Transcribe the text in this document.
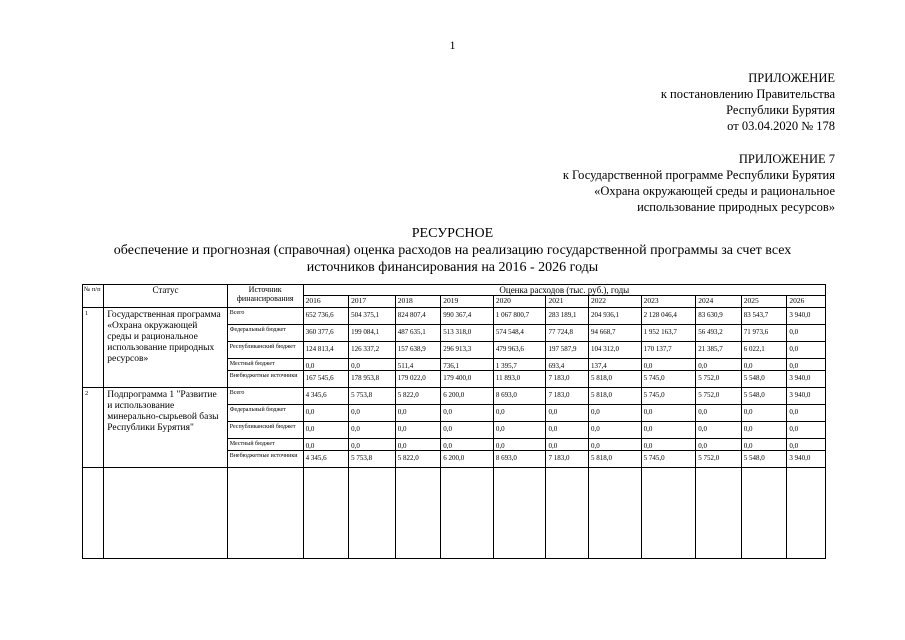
1
ПРИЛОЖЕНИЕ
к постановлению Правительства
Республики Бурятия
от 03.04.2020 № 178
ПРИЛОЖЕНИЕ 7
к Государственной программе Республики Бурятия
«Охрана окружающей среды и рациональное
использование природных ресурсов»
РЕСУРСНОЕ
обеспечение и прогнозная (справочная) оценка расходов на реализацию государственной программы за счет всех источников финансирования на 2016 - 2026 годы
№ п/п	Статус	Источник финансирования	Оценка расходов (тыс. руб.), годы										
			2016	2017	2018	2019	2020	2021	2022	2023	2024	2025	2026
1	Государственная программа «Охрана окружающей среды и рациональное использование природных ресурсов»	Всего	652 736,6	504 375,1	824 807,4	990 367,4	1 067 800,7	283 189,1	204 936,1	2 128 046,4	83 630,9	83 543,7	3 940,0
		Федеральный бюджет	360 377,6	199 084,1	487 635,1	513 318,0	574 548,4	77 724,8	94 668,7	1 952 163,7	56 493,2	71 973,6	0,0
		Республиканский бюджет	124 813,4	126 337,2	157 638,9	296 913,3	479 963,6	197 587,9	104 312,0	170 137,7	21 385,7	6 022,1	0,0
		Местный бюджет	0,0	0,0	511,4	736,1	1 395,7	693,4	137,4	0,0	0,0	0,0	0,0
		Внебюджетные источники	167 545,6	178 953,8	179 022,0	179 400,0	11 893,0	7 183,0	5 818,0	5 745,0	5 752,0	5 548,0	3 940,0
2	Подпрограмма 1 "Развитие и использование минерально-сырьевой базы Республики Бурятия"	Всего	4 345,6	5 753,8	5 822,0	6 200,0	8 693,0	7 183,0	5 818,0	5 745,0	5 752,0	5 548,0	3 940,0
		Федеральный бюджет	0,0	0,0	0,0	0,0	0,0	0,0	0,0	0,0	0,0	0,0	0,0
		Республиканский бюджет	0,0	0,0	0,0	0,0	0,0	0,0	0,0	0,0	0,0	0,0	0,0
		Местный бюджет	0,0	0,0	0,0	0,0	0,0	0,0	0,0	0,0	0,0	0,0	0,0
		Внебюджетные источники	4 345,6	5 753,8	5 822,0	6 200,0	8 693,0	7 183,0	5 818,0	5 745,0	5 752,0	5 548,0	3 940,0
